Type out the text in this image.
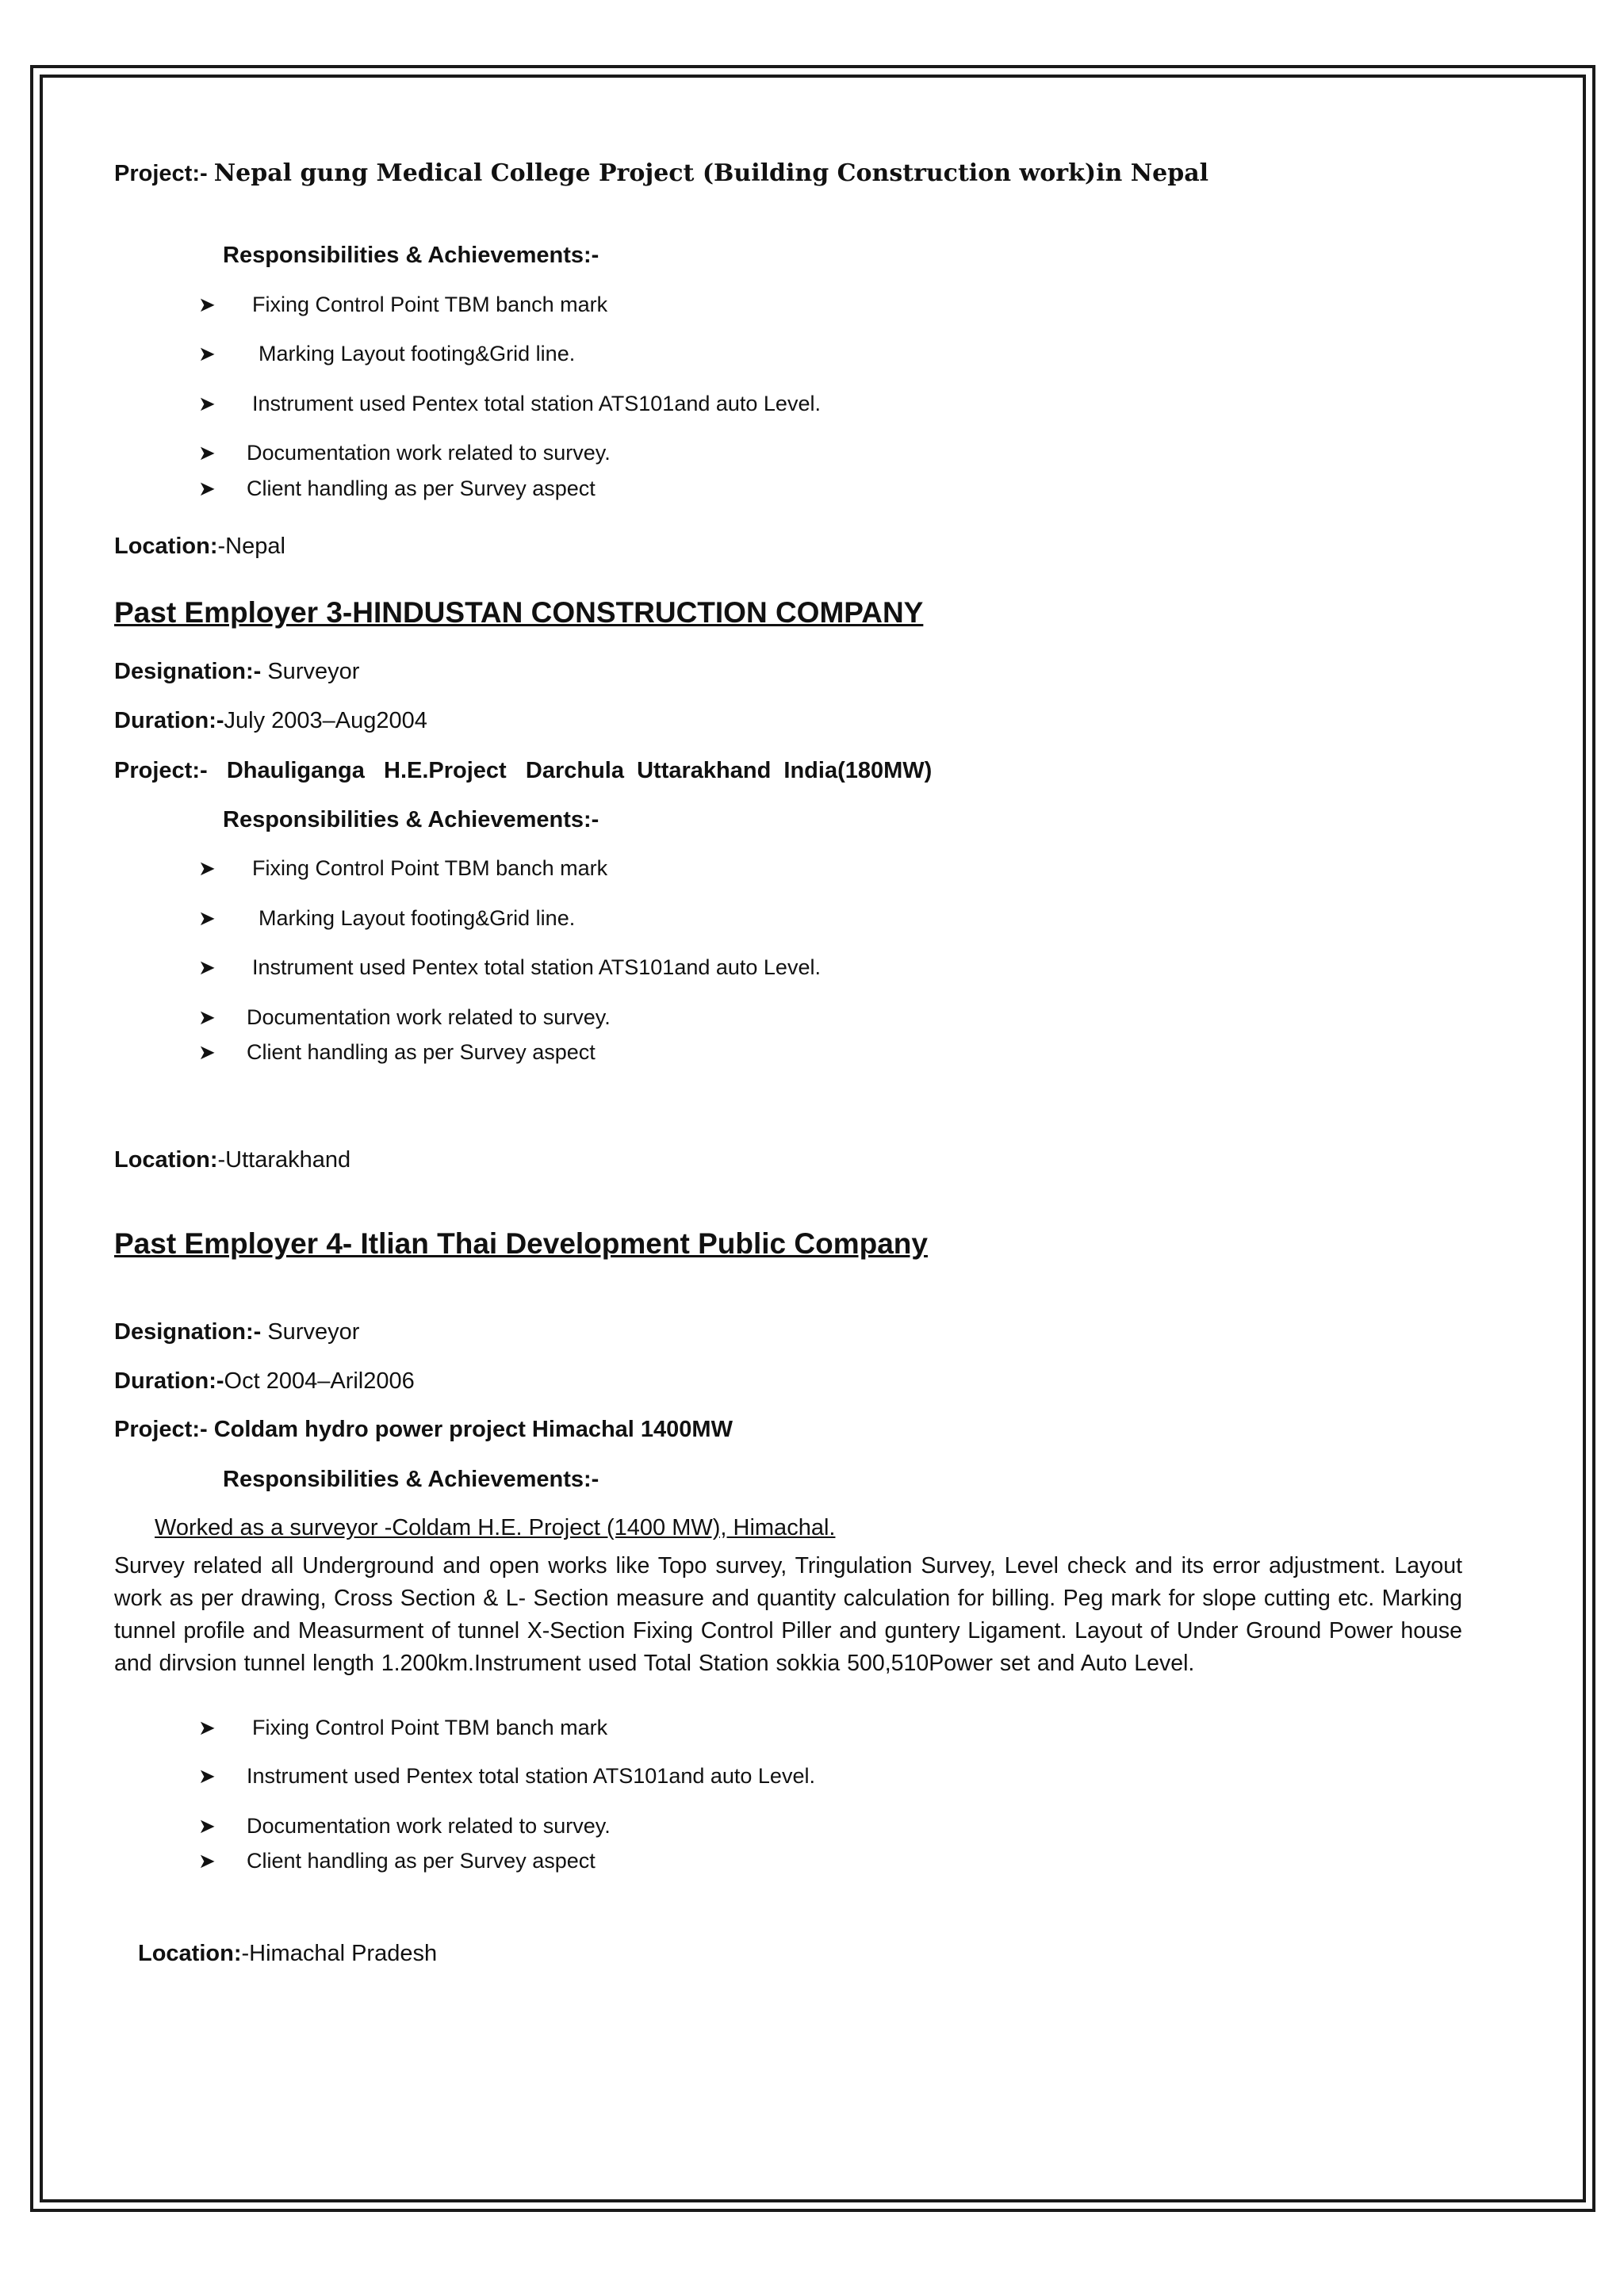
Project:- Nepal gung Medical College Project (Building Construction work)in Nepal
Responsibilities & Achievements:-
➤ Fixing Control Point TBM banch mark
➤ Marking Layout footing&Grid line.
➤ Instrument used Pentex total station ATS101and auto Level.
➤ Documentation work related to survey.
➤ Client handling as per Survey aspect
Location:-Nepal
Past Employer 3-HINDUSTAN CONSTRUCTION COMPANY
Designation:- Surveyor
Duration:-July 2003–Aug2004
Project:- Dhauliganga   H.E.Project   Darchula  Uttarakhand  India(180MW)
Responsibilities & Achievements:-
➤ Fixing Control Point TBM banch mark
➤ Marking Layout footing&Grid line.
➤ Instrument used Pentex total station ATS101and auto Level.
➤ Documentation work related to survey.
➤ Client handling as per Survey aspect
Location:-Uttarakhand
Past Employer 4- Itlian Thai Development Public Company
Designation:- Surveyor
Duration:-Oct 2004–Aril2006
Project:- Coldam hydro power project Himachal 1400MW
Responsibilities & Achievements:-
Worked as a surveyor -Coldam H.E. Project (1400 MW), Himachal.
Survey related all Underground and open works like Topo survey, Tringulation Survey, Level check and its error adjustment. Layout work as per drawing, Cross Section & L- Section measure and quantity calculation for billing. Peg mark for slope cutting etc. Marking tunnel profile and Measurment of tunnel X-Section Fixing Control Piller and guntery Ligament. Layout of Under Ground Power house and dirvsion tunnel length 1.200km.Instrument used Total Station sokkia 500,510Power set and Auto Level.
➤ Fixing Control Point TBM banch mark
➤ Instrument used Pentex total station ATS101and auto Level.
➤ Documentation work related to survey.
➤ Client handling as per Survey aspect
Location:-Himachal Pradesh
